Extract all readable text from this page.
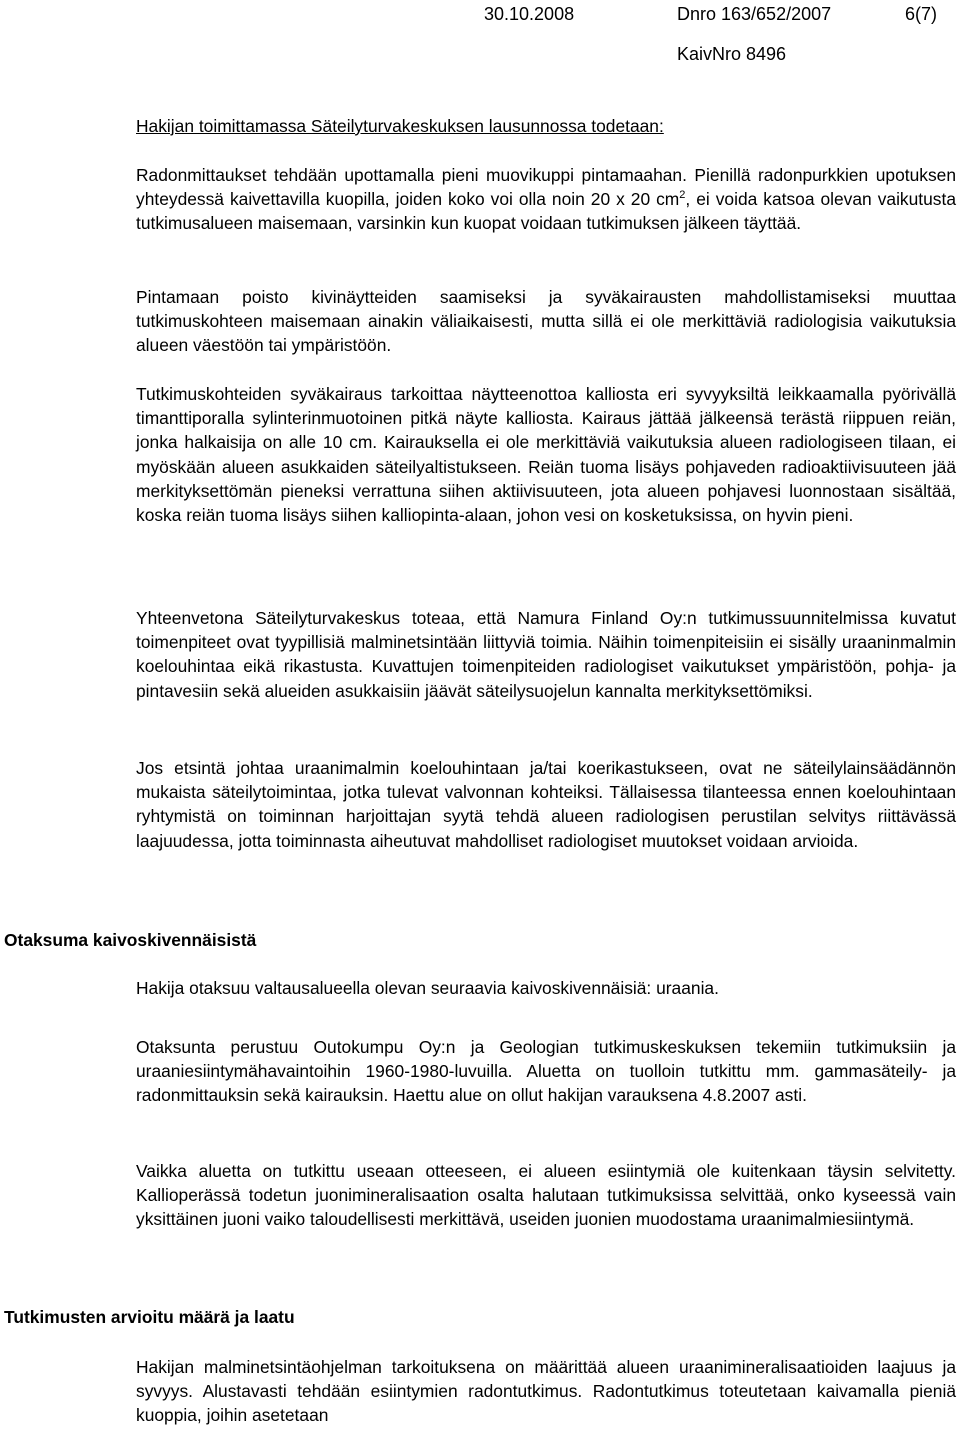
30.10.2008	Dnro 163/652/2007	6(7)
KaivNro 8496

Hakijan toimittamassa Säteilyturvakeskuksen lausunnossa todetaan:

Radonmittaukset tehdään upottamalla pieni muovikuppi pintamaahan. Pienillä radonpurkkien upotuksen yhteydessä kaivettavilla kuopilla, joiden koko voi olla noin 20 x 20 $cm^2$, ei voida katsoa olevan vaikutusta tutkimusalueen maisemaan, varsinkin kun kuopat voidaan tutkimuksen jälkeen täyttää.

Pintamaan poisto kivinäytteiden saamiseksi ja syväkairausten mahdollistamiseksi muuttaa tutkimuskohteen maisemaan ainakin väliaikaisesti, mutta sillä ei ole merkittäviä radiologisia vaikutuksia alueen väestöön tai ympäristöön.

Tutkimuskohteiden syväkairaus tarkoittaa näytteenottoa kalliosta eri syvyyksiltä leikkaamalla pyörivällä timanttiporalla sylinterinmuotoinen pitkä näyte kalliosta. Kairaus jättää jälkeensä terästä riippuen reiän, jonka halkaisija on alle 10 cm. Kairauksella ei ole merkittäviä vaikutuksia alueen radiologiseen tilaan, ei myöskään alueen asukkaiden säteilyaltistukseen. Reiän tuoma lisäys pohjaveden radioaktiivisuuteen jää merkityksettömän pieneksi verrattuna siihen aktiivisuuteen, jota alueen pohjavesi luonnostaan sisältää, koska reiän tuoma lisäys siihen kalliopinta-alaan, johon vesi on kosketuksissa, on hyvin pieni.

Yhteenvetona Säteilyturvakeskus toteaa, että Namura Finland Oy:n tutkimussuunnitelmissa kuvatut toimenpiteet ovat tyypillisiä malminetsintään liittyviä toimia. Näihin toimenpiteisiin ei sisälly uraaninmalmin koelouhintaa eikä rikastusta. Kuvattujen toimenpiteiden radiologiset vaikutukset ympäristöön, pohja- ja pintavesiin sekä alueiden asukkaisiin jäävät säteilysuojelun kannalta merkityksettömiksi.

Jos etsintä johtaa uraanimalmin koelouhintaan ja/tai koerikastukseen, ovat ne säteilylainsäädännön mukaista säteilytoimintaa, jotka tulevat valvonnan kohteiksi. Tällaisessa tilanteessa ennen koelouhintaan ryhtymistä on toiminnan harjoittajan syytä tehdä alueen radiologisen perustilan selvitys riittävässä laajuudessa, jotta toiminnasta aiheutuvat mahdolliset radiologiset muutokset voidaan arvioida.

Otaksuma kaivoskivennäisistä

Hakija otaksuu valtausalueella olevan seuraavia kaivoskivennäisiä: uraania.

Otaksunta perustuu Outokumpu Oy:n ja Geologian tutkimuskeskuksen tekemiin tutkimuksiin ja uraaniesiintymähavaintoihin 1960-1980-luvuilla. Aluetta on tuolloin tutkittu mm. gammasäteily- ja radonmittauksin sekä kairauksin. Haettu alue on ollut hakijan varauksena 4.8.2007 asti.

Vaikka aluetta on tutkittu useaan otteeseen, ei alueen esiintymiä ole kuitenkaan täysin selvitetty. Kallioperässä todetun juonimineralisaation osalta halutaan tutkimuksissa selvittää, onko kyseessä vain yksittäinen juoni vaiko taloudellisesti merkittävä, useiden juonien muodostama uraanimalmiesiintymä.

Tutkimusten arvioitu määrä ja laatu

Hakijan malminetsintäohjelman tarkoituksena on määrittää alueen uraanimineralisaatioiden laajuus ja syvyys. Alustavasti tehdään esiintymien radontutkimus. Radontutkimus toteutetaan kaivamalla pieniä kuoppia, joihin asetetaan
